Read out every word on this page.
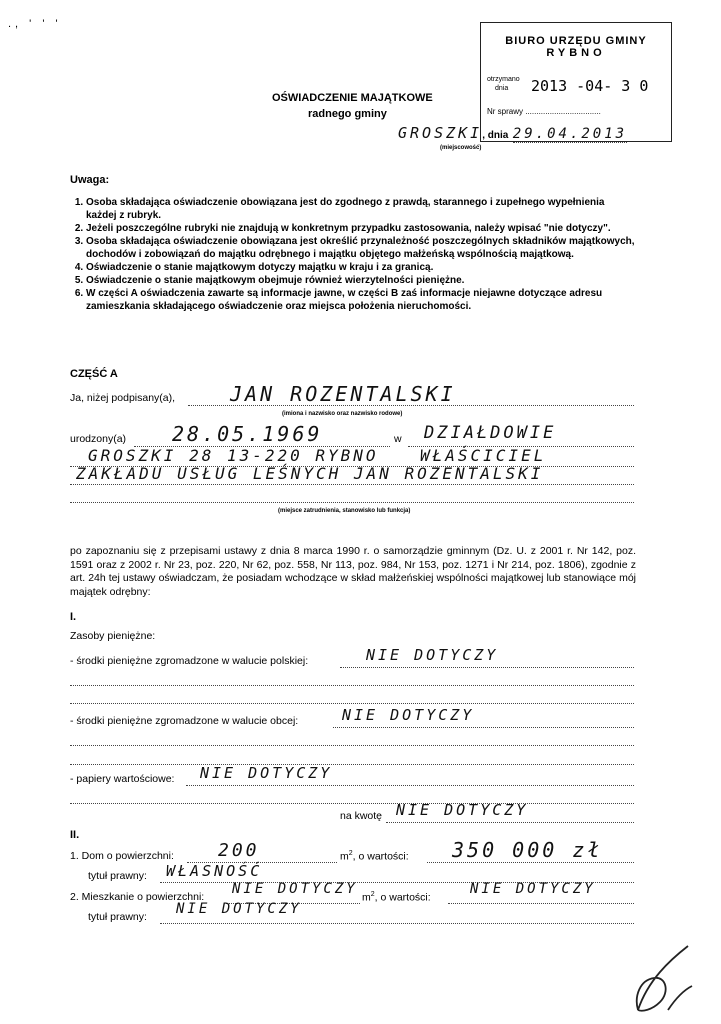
., ' ' '
BIURO URZĘDU GMINY
RYBNO
otrzymano
dnia 2013 -04- 3 0
Nr sprawy ..................................
OŚWIADCZENIE MAJĄTKOWE
radnego gminy
GROSZKI, dnia 29.04.2013
(miejscowość)
Uwaga:
1. Osoba składająca oświadczenie obowiązana jest do zgodnego z prawdą, starannego i zupełnego wypełnienia każdej z rubryk.
2. Jeżeli poszczególne rubryki nie znajdują w konkretnym przypadku zastosowania, należy wpisać "nie dotyczy".
3. Osoba składająca oświadczenie obowiązana jest określić przynależność poszczególnych składników majątkowych, dochodów i zobowiązań do majątku odrębnego i majątku objętego małżeńską wspólnością majątkową.
4. Oświadczenie o stanie majątkowym dotyczy majątku w kraju i za granicą.
5. Oświadczenie o stanie majątkowym obejmuje również wierzytelności pieniężne.
6. W części A oświadczenia zawarte są informacje jawne, w części B zaś informacje niejawne dotyczące adresu zamieszkania składającego oświadczenie oraz miejsca położenia nieruchomości.
CZĘŚĆ A
Ja, niżej podpisany(a),	JAN ROZENTALSKI
(imiona i nazwisko oraz nazwisko rodowe)
urodzony(a) 28.05.1969	w DZIAŁDOWIE
GROSZKI 28 13-220 RYBNO	WŁAŚCICIEL
ZAKŁADU USŁUG LEŚNYCH JAN ROZENTALSKI
(miejsce zatrudnienia, stanowisko lub funkcja)
po zapoznaniu się z przepisami ustawy z dnia 8 marca 1990 r. o samorządzie gminnym (Dz. U. z 2001 r. Nr 142, poz. 1591 oraz z 2002 r. Nr 23, poz. 220, Nr 62, poz. 558, Nr 113, poz. 984, Nr 153, poz. 1271 i Nr 214, poz. 1806), zgodnie z art. 24h tej ustawy oświadczam, że posiadam wchodzące w skład małżeńskiej wspólności majątkowej lub stanowiące mój majątek odrębny:
I.
Zasoby pieniężne:
- środki pieniężne zgromadzone w walucie polskiej:	NIE DOTYCZY
- środki pieniężne zgromadzone w walucie obcej:	NIE DOTYCZY
- papiery wartościowe: NIE DOTYCZY
na kwotę NIE DOTYCZY
II.
1. Dom o powierzchni: 200	$m^2$, o wartości: 350 000 zł
tytuł prawny: WŁASNOŚĆ
2. Mieszkanie o powierzchni: NIE DOTYCZY
$m^2$, o wartości:
NIE DOTYCZY
tytuł prawny: NIE DOTYCZY
